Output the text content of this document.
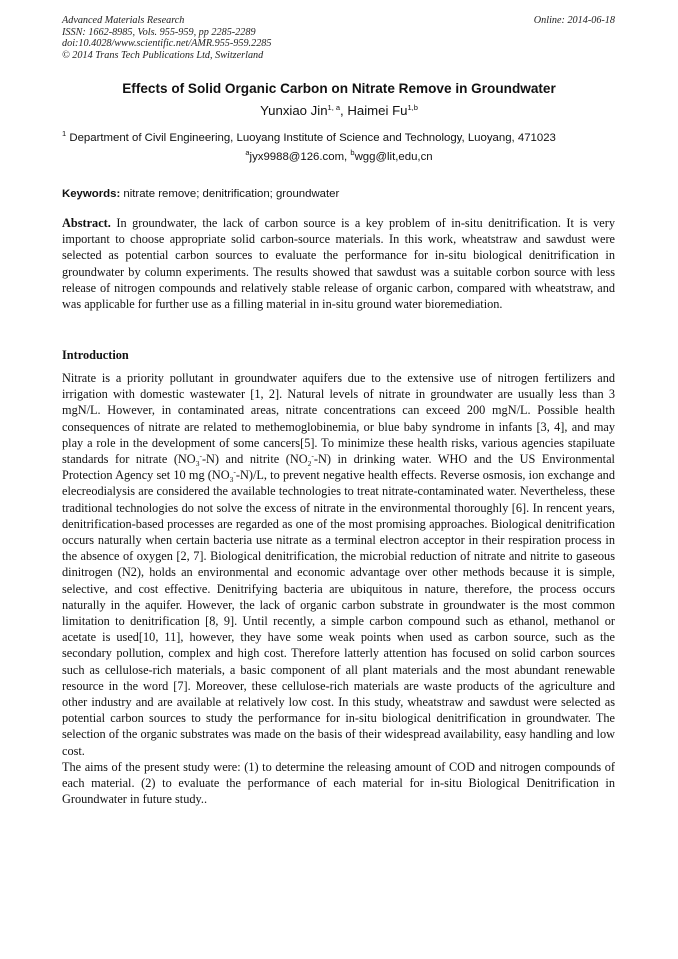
Advanced Materials Research
ISSN: 1662-8985, Vols. 955-959, pp 2285-2289
doi:10.4028/www.scientific.net/AMR.955-959.2285
© 2014 Trans Tech Publications Ltd, Switzerland
Online: 2014-06-18
Effects of Solid Organic Carbon on Nitrate Remove in Groundwater
Yunxiao Jin$^{1, a}$, Haimei Fu$^{1,b}$
$^1$ Department of Civil Engineering, Luoyang Institute of Science and Technology, Luoyang, 471023
$^a$jyx9988@126.com, $^b$wgg@lit,edu,cn
Keywords: nitrate remove; denitrification; groundwater
Abstract. In groundwater, the lack of carbon source is a key problem of in-situ denitrification. It is very important to choose appropriate solid carbon-source materials. In this work, wheatstraw and sawdust were selected as potential carbon sources to evaluate the performance for in-situ biological denitrification in groundwater by column experiments. The results showed that sawdust was a suitable corbon source with less release of nitrogen compounds and relatively stable release of organic carbon, compared with wheatstraw, and was applicable for further use as a filling material in in-situ ground water bioremediation.
Introduction

Nitrate is a priority pollutant in groundwater aquifers due to the extensive use of nitrogen fertilizers and irrigation with domestic wastewater [1, 2]. Natural levels of nitrate in groundwater are usually less than 3 mgN/L. However, in contaminated areas, nitrate concentrations can exceed 200 mgN/L. Possible health consequences of nitrate are related to methemoglobinemia, or blue baby syndrome in infants [3, 4], and may play a role in the development of some cancers[5]. To minimize these health risks, various agencies stapiluate standards for nitrate $(NO_3^--N)$ and nitrite $(NO_2^--N)$ in drinking water. WHO and the US Environmental Protection Agency set 10 mg $(NO_3^--N)/L$, to prevent negative health effects. Reverse osmosis, ion exchange and elecreodialysis are considered the available technologies to treat nitrate-contaminated water. Nevertheless, these traditional technologies do not solve the excess of nitrate in the environmental thoroughly [6]. In rencent years, denitrification-based processes are regarded as one of the most promising approaches. Biological denitrification occurs naturally when certain bacteria use nitrate as a terminal electron acceptor in their respiration process in the absence of oxygen [2, 7]. Biological denitrification, the microbial reduction of nitrate and nitrite to gaseous dinitrogen (N2), holds an environmental and economic advantage over other methods because it is simple, selective, and cost effective. Denitrifying bacteria are ubiquitous in nature, therefore, the process occurs naturally in the aquifer. However, the lack of organic carbon substrate in groundwater is the most common limitation to denitrification [8, 9]. Until recently, a simple carbon compound such as ethanol, methanol or acetate is used[10, 11], however, they have some weak points when used as carbon source, such as the secondary pollution, complex and high cost. Therefore latterly attention has focused on solid carbon sources such as cellulose-rich materials, a basic component of all plant materials and the most abundant renewable resource in the word [7]. Moreover, these cellulose-rich materials are waste products of the agriculture and other industry and are available at relatively low cost. In this study, wheatstraw and sawdust were selected as potential carbon sources to study the performance for in-situ biological denitrification in groundwater. The selection of the organic substrates was made on the basis of their widespread availability, easy handling and low cost.

The aims of the present study were: (1) to determine the releasing amount of COD and nitrogen compounds of each material. (2) to evaluate the performance of each material for in-situ Biological Denitrification in Groundwater in future study..
